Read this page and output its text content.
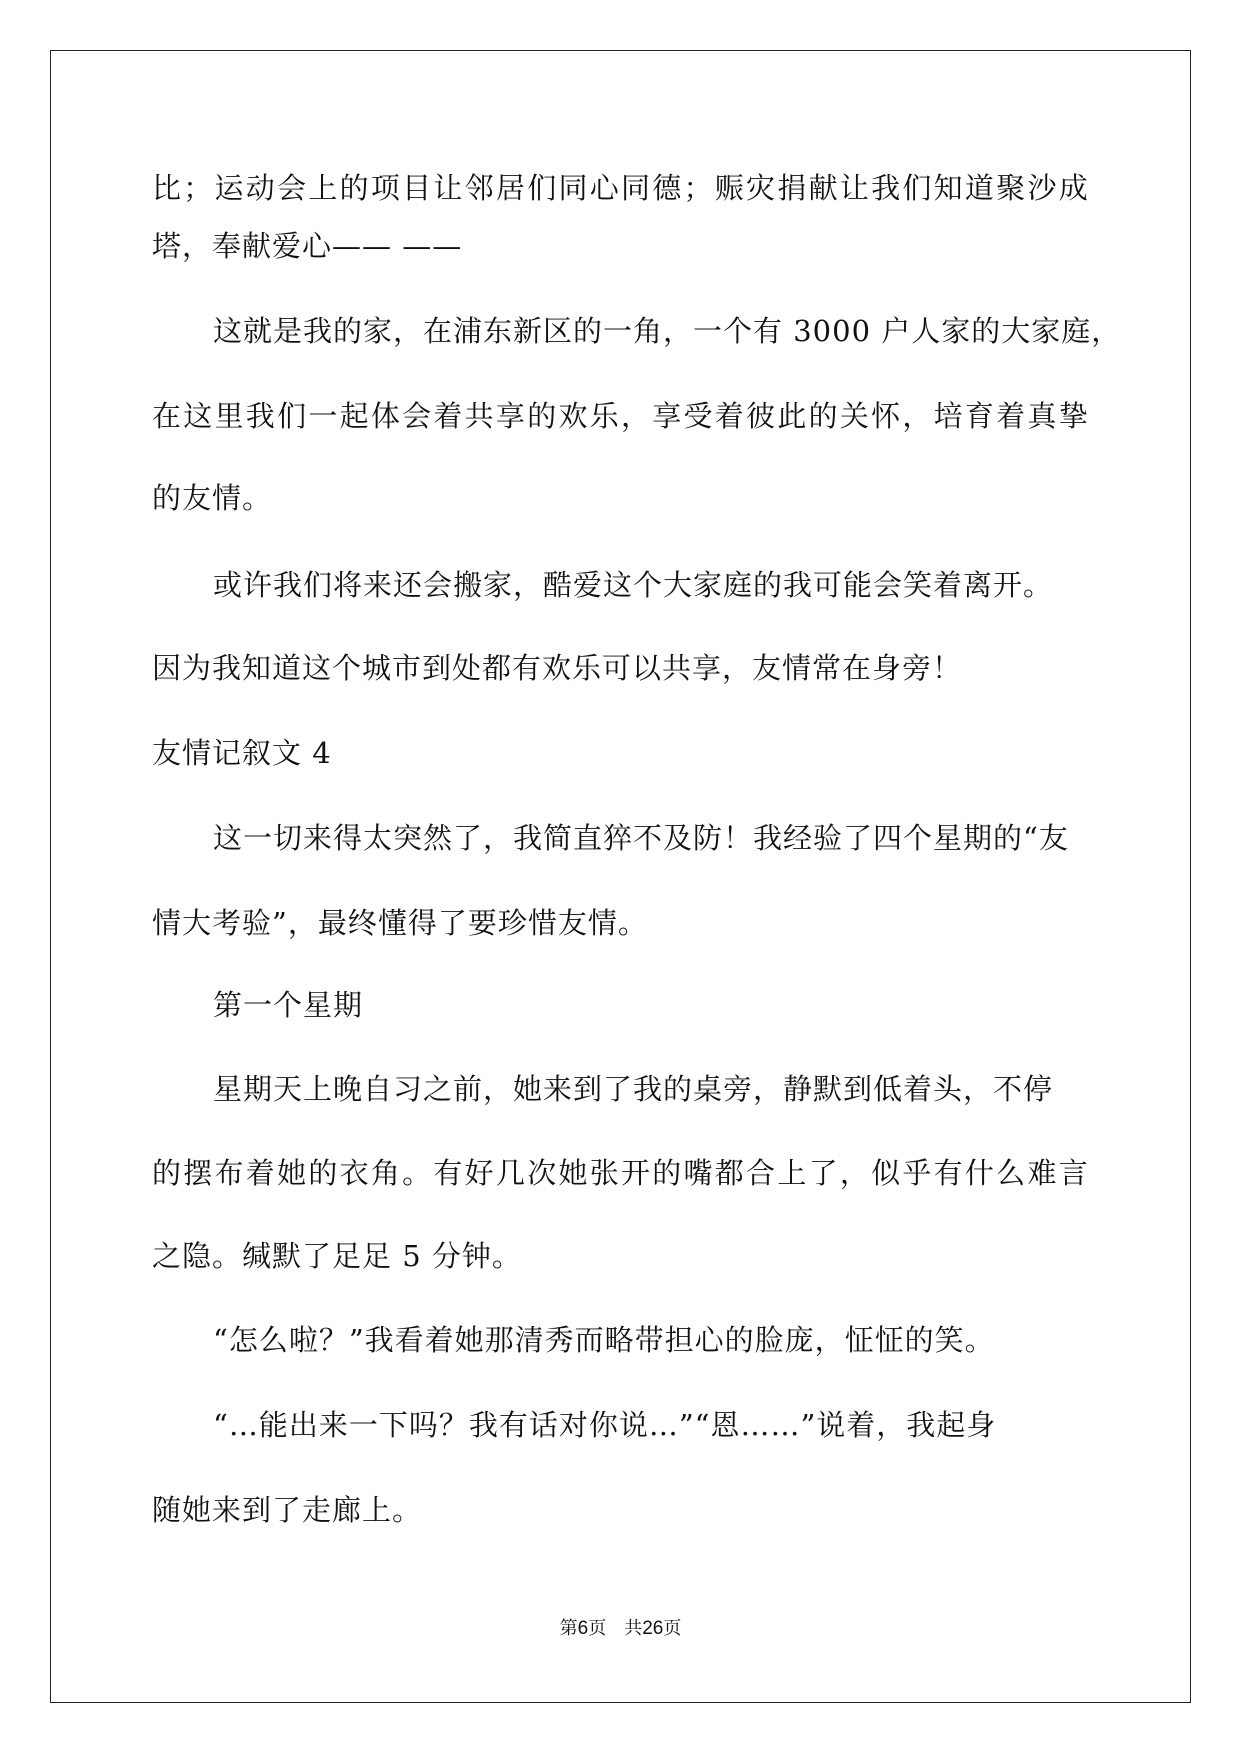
比 ； 运 动 会 上 的 项 目 让 邻 居 们 同 心 同 德 ； 赈 灾 捐 献 让 我 们 知 道 聚 沙 成
塔，奉献爱心—— ——
这就是我的家，在浦东新区的一角，一个有 3000 户人家的大家庭，
在 这 里 我 们 一 起 体 会 着 共 享 的 欢 乐 ， 享 受 着 彼 此 的 关 怀 ， 培 育 着 真 挚
的友情。
或许我们将来还会搬家，酷爱这个大家庭的我可能会笑着离开。
因为我知道这个城市到处都有欢乐可以共享，友情常在身旁！
友情记叙文 4
这一切来得太突然了，我简直猝不及防！我经验了四个星期的“友
情大考验”，最终懂得了要珍惜友情。
第一个星期
星期天上晚自习之前，她来到了我的桌旁，静默到低着头，不停
的 摆 布 着 她 的 衣 角 。 有 好 几 次 她 张 开 的 嘴 都 合 上 了 ， 似 乎 有 什 么 难 言
之隐。缄默了足足 5 分钟。
“怎么啦？”我看着她那清秀而略带担心的脸庞，怔怔的笑。
“…能出来一下吗？我有话对你说…”“恩……”说着，我起身
随她来到了走廊上。
第6页　共26页
